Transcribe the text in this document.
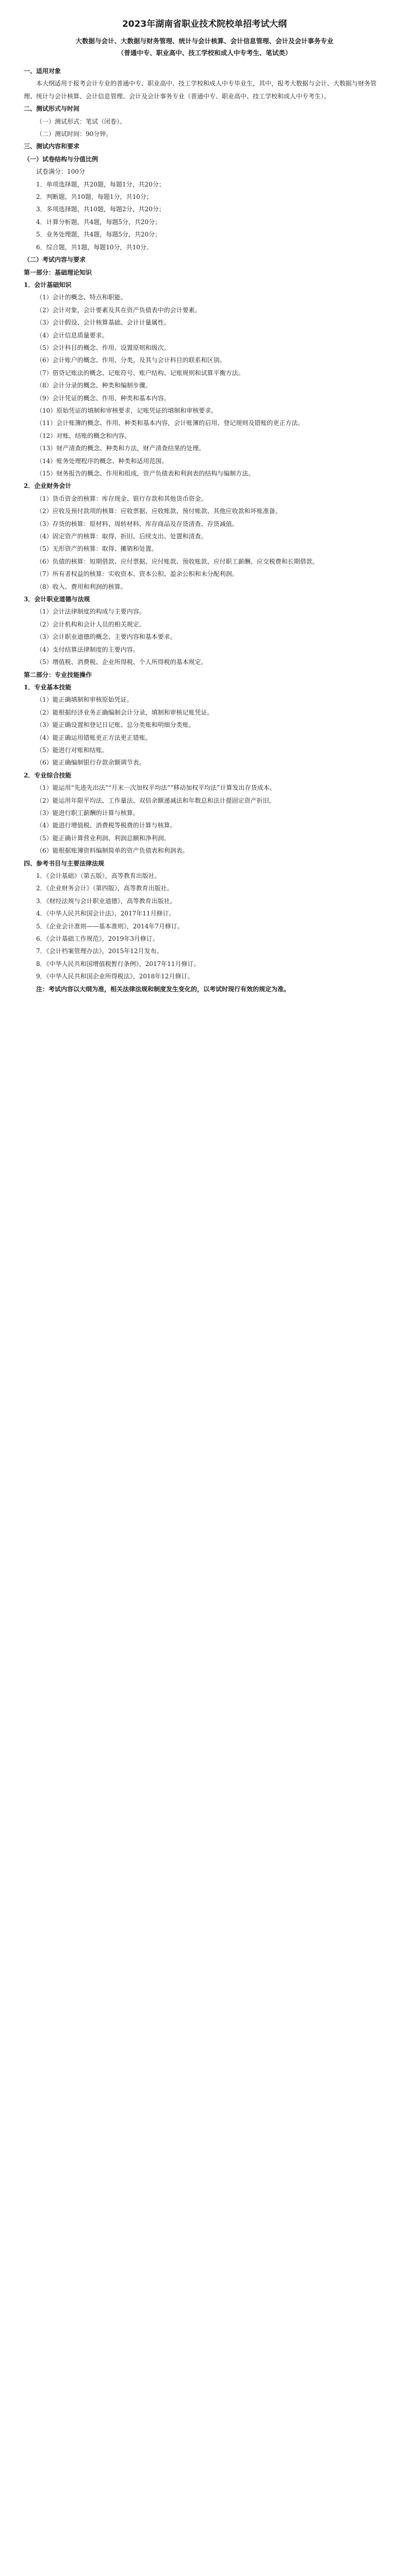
2023年湖南省职业技术院校单招考试大纲

大数据与会计、大数据与财务管理、统计与会计核算、会计信息管理、会计及会计事务专业

（普通中专、职业高中、技工学校和成人中专考生、笔试类）

一、适用对象

本大纲适用于报考会计专业的普通中专、职业高中、技工学校和成人中专毕业生，其中，报考大数据与会计、大数据与财务管理、统计与会计核算、会计信息管理、会计及会计事务专业（普通中专、职业高中、技工学校和成人中专考生）。

二、测试形式与时间

（一）测试形式：笔试（闭卷）。

（二）测试时间：90分钟。

三、测试内容和要求

（一）试卷结构与分值比例

试卷满分：100分

1．单项选择题，共20题，每题1分，共20分；

2．判断题，共10题，每题1分，共10分；

3．多项选择题，共10题，每题2分，共20分；

4．计算分析题，共4题，每题5分，共20分；

5．业务处理题，共4题，每题5分，共20分；

6．综合题，共1题，每题10分，共10分。

（二）考试内容与要求

第一部分：基础理论知识

1．会计基础知识

（1）会计的概念、特点和职能。

（2）会计对象，会计要素及其在资产负债表中的会计要素。

（3）会计假设、会计核算基础、会计计量属性。

（4）会计信息质量要求。

（5）会计科目的概念、作用、设置原则和级次。

（6）会计账户的概念、作用、分类，及其与会计科目的联系和区别。

（7）借贷记账法的概念、记账符号、账户结构、记账规则和试算平衡方法。

（8）会计分录的概念、种类和编制步骤。

（9）会计凭证的概念、作用、种类和基本内容。

（10）原始凭证的填制和审核要求，记账凭证的填制和审核要求。

（11）会计账簿的概念、作用、种类和基本内容，会计账簿的启用、登记规则及错账的更正方法。

（12）对账、结账的概念和内容。

（13）财产清查的概念、种类和方法，财产清查结果的处理。

（14）账务处理程序的概念、种类和适用范围。

（15）财务报告的概念、作用和组成，资产负债表和利润表的结构与编制方法。

2．企业财务会计

（1）货币资金的核算：库存现金、银行存款和其他货币资金。

（2）应收及预付款项的核算：应收票据、应收账款、预付账款、其他应收款和坏账准备。

（3）存货的核算：原材料、周转材料、库存商品及存货清查、存货减值。

（4）固定资产的核算：取得、折旧、后续支出、处置和清查。

（5）无形资产的核算：取得、摊销和处置。

（6）负债的核算：短期借款、应付票据、应付账款、预收账款、应付职工薪酬、应交税费和长期借款。

（7）所有者权益的核算：实收资本、资本公积、盈余公积和未分配利润。

（8）收入、费用和利润的核算。

3．会计职业道德与法规

（1）会计法律制度的构成与主要内容。

（2）会计机构和会计人员的相关规定。

（3）会计职业道德的概念、主要内容和基本要求。

（4）支付结算法律制度的主要内容。

（5）增值税、消费税、企业所得税、个人所得税的基本规定。

第二部分：专业技能操作

1．专业基本技能

（1）能正确填制和审核原始凭证。

（2）能根据经济业务正确编制会计分录，填制和审核记账凭证。

（3）能正确设置和登记日记账、总分类账和明细分类账。

（4）能正确运用错账更正方法更正错账。

（5）能进行对账和结账。

（6）能正确编制银行存款余额调节表。

2．专业综合技能

（1）能运用“先进先出法”“月末一次加权平均法”“移动加权平均法”计算发出存货成本。

（2）能运用年限平均法、工作量法、双倍余额递减法和年数总和法计提固定资产折旧。

（3）能进行职工薪酬的计算与核算。

（4）能进行增值税、消费税等税费的计算与核算。

（5）能正确计算营业利润、利润总额和净利润。

（6）能根据账簿资料编制简单的资产负债表和利润表。

四、参考书目与主要法律法规

1．《会计基础》（第五版），高等教育出版社。

2．《企业财务会计》（第四版），高等教育出版社。

3．《财经法规与会计职业道德》，高等教育出版社。

4．《中华人民共和国会计法》，2017年11月修订。

5．《企业会计准则——基本准则》，2014年7月修订。

6．《会计基础工作规范》，2019年3月修订。

7．《会计档案管理办法》，2015年12月发布。

8．《中华人民共和国增值税暂行条例》，2017年11月修订。

9．《中华人民共和国企业所得税法》，2018年12月修订。

注：考试内容以大纲为准，相关法律法规和制度发生变化的，以考试时现行有效的规定为准。
